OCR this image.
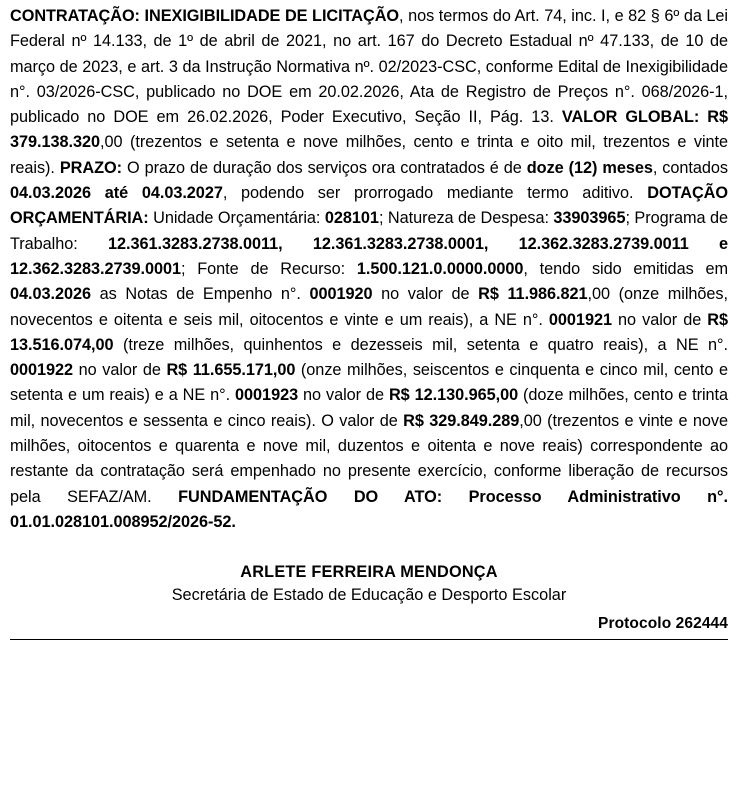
CONTRATAÇÃO: INEXIGIBILIDADE DE LICITAÇÃO, nos termos do Art. 74, inc. I, e 82 § 6º da Lei Federal nº 14.133, de 1º de abril de 2021, no art. 167 do Decreto Estadual nº 47.133, de 10 de março de 2023, e art. 3 da Instrução Normativa nº. 02/2023-CSC, conforme Edital de Inexigibilidade n°. 03/2026-CSC, publicado no DOE em 20.02.2026, Ata de Registro de Preços n°. 068/2026-1, publicado no DOE em 26.02.2026, Poder Executivo, Seção II, Pág. 13. VALOR GLOBAL: R$ 379.138.320,00 (trezentos e setenta e nove milhões, cento e trinta e oito mil, trezentos e vinte reais). PRAZO: O prazo de duração dos serviços ora contratados é de doze (12) meses, contados 04.03.2026 até 04.03.2027, podendo ser prorrogado mediante termo aditivo. DOTAÇÃO ORÇAMENTÁRIA: Unidade Orçamentária: 028101; Natureza de Despesa: 33903965; Programa de Trabalho: 12.361.3283.2738.0011, 12.361.3283.2738.0001, 12.362.3283.2739.0011 e 12.362.3283.2739.0001; Fonte de Recurso: 1.500.121.0.0000.0000, tendo sido emitidas em 04.03.2026 as Notas de Empenho n°. 0001920 no valor de R$ 11.986.821,00 (onze milhões, novecentos e oitenta e seis mil, oitocentos e vinte e um reais), a NE n°. 0001921 no valor de R$ 13.516.074,00 (treze milhões, quinhentos e dezesseis mil, setenta e quatro reais), a NE n°. 0001922 no valor de R$ 11.655.171,00 (onze milhões, seiscentos e cinquenta e cinco mil, cento e setenta e um reais) e a NE n°. 0001923 no valor de R$ 12.130.965,00 (doze milhões, cento e trinta mil, novecentos e sessenta e cinco reais). O valor de R$ 329.849.289,00 (trezentos e vinte e nove milhões, oitocentos e quarenta e nove mil, duzentos e oitenta e nove reais) correspondente ao restante da contratação será empenhado no presente exercício, conforme liberação de recursos pela SEFAZ/AM. FUNDAMENTAÇÃO DO ATO: Processo Administrativo n°. 01.01.028101.008952/2026-52.
ARLETE FERREIRA MENDONÇA
Secretária de Estado de Educação e Desporto Escolar
Protocolo 262444
